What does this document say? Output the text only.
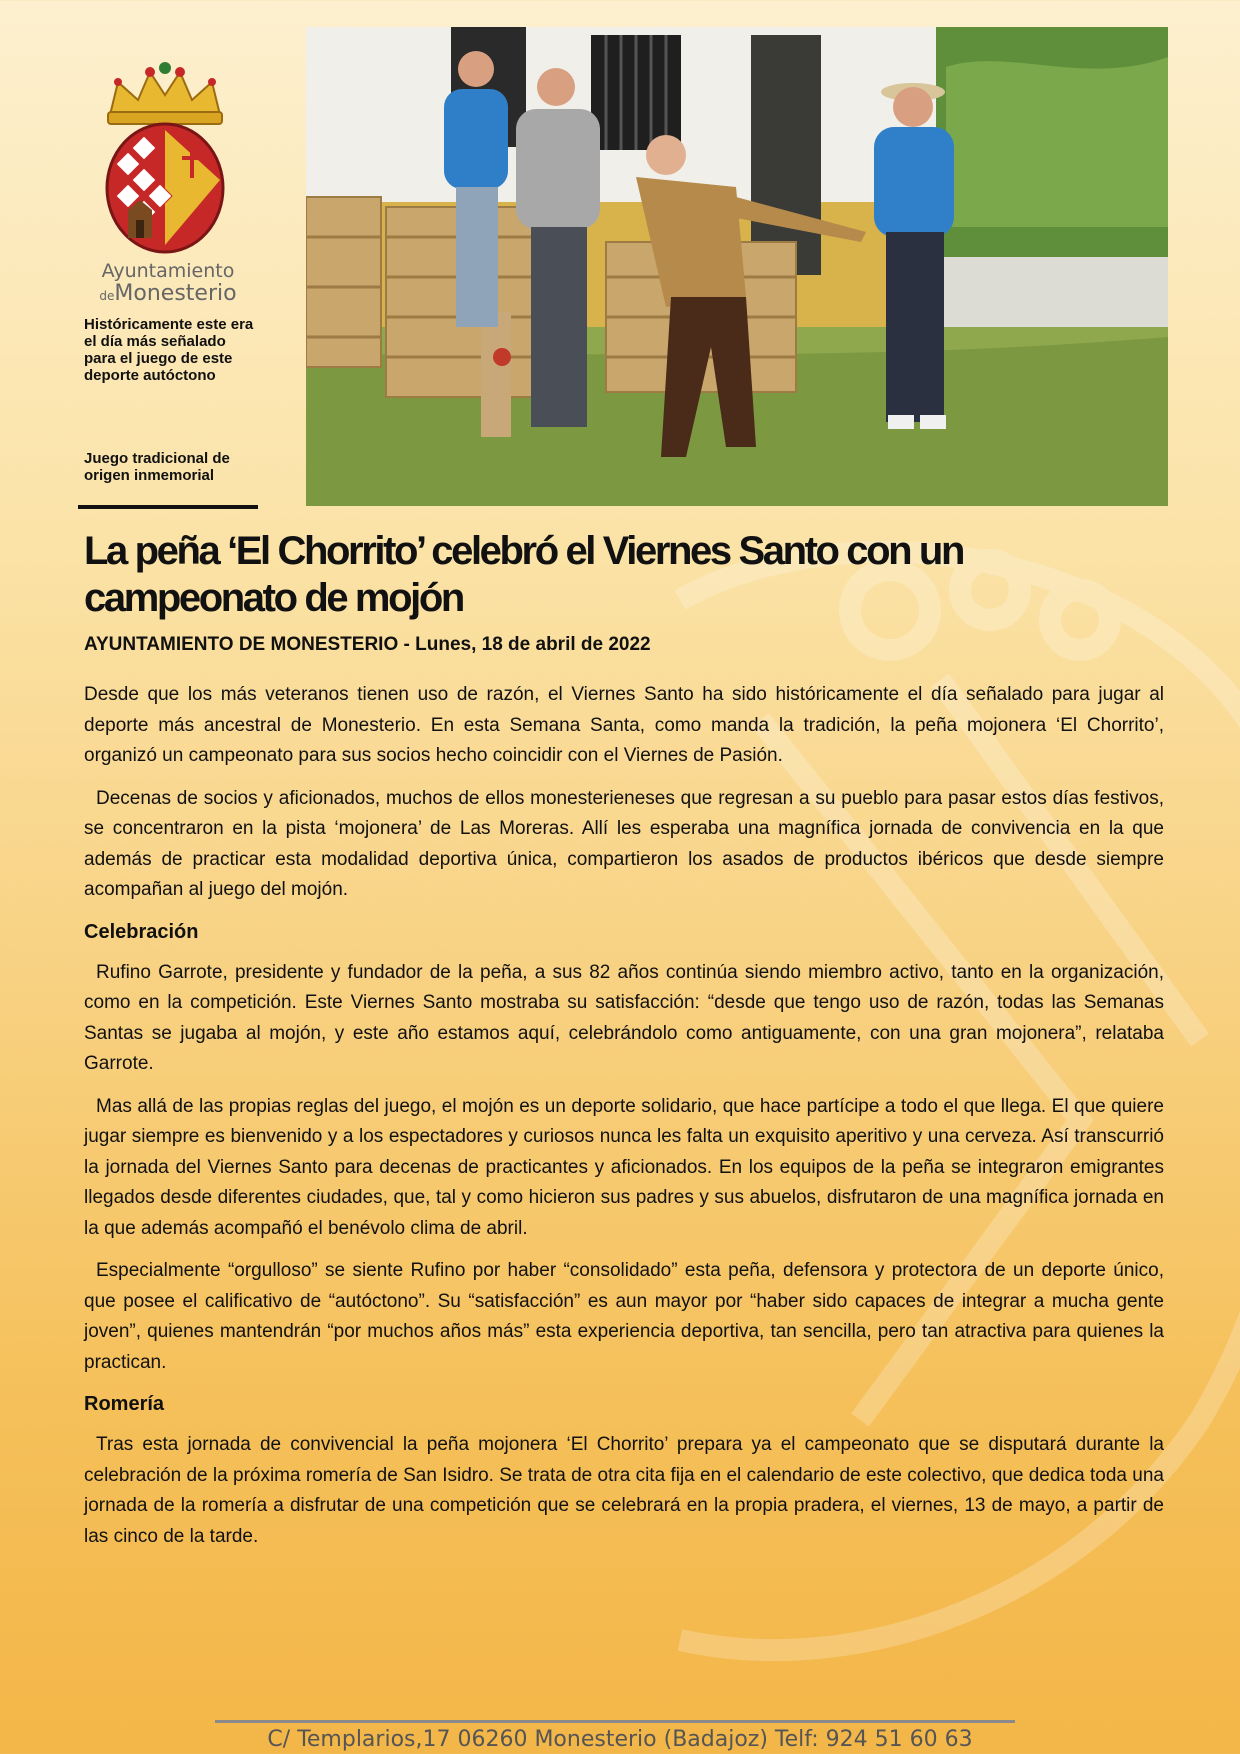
Ayuntamiento
deMonesterio
Históricamente este era el día más señalado para el juego de este deporte autóctono
Juego tradicional de origen inmemorial
La peña ‘El Chorrito’ celebró el Viernes Santo con un campeonato de mojón
AYUNTAMIENTO DE MONESTERIO - Lunes, 18 de abril de 2022

Desde que los más veteranos tienen uso de razón, el Viernes Santo ha sido históricamente el día señalado para jugar al deporte más ancestral de Monesterio. En esta Semana Santa, como manda la tradición, la peña mojonera ‘El Chorrito’, organizó un campeonato para sus socios hecho coincidir con el Viernes de Pasión.

Decenas de socios y aficionados, muchos de ellos monesterieneses que regresan a su pueblo para pasar estos días festivos, se concentraron en la pista ‘mojonera’ de Las Moreras. Allí les esperaba una magnífica jornada de convivencia en la que además de practicar esta modalidad deportiva única, compartieron los asados de productos ibéricos que desde siempre acompañan al juego del mojón.

Celebración

Rufino Garrote, presidente y fundador de la peña, a sus 82 años continúa siendo miembro activo, tanto en la organización, como en la competición. Este Viernes Santo mostraba su satisfacción: “desde que tengo uso de razón, todas las Semanas Santas se jugaba al mojón, y este año estamos aquí, celebrándolo como antiguamente, con una gran mojonera”, relataba Garrote.

Mas allá de las propias reglas del juego, el mojón es un deporte solidario, que hace partícipe a todo el que llega. El que quiere jugar siempre es bienvenido y a los espectadores y curiosos nunca les falta un exquisito aperitivo y una cerveza. Así transcurrió la jornada del Viernes Santo para decenas de practicantes y aficionados. En los equipos de la peña se integraron emigrantes llegados desde diferentes ciudades, que, tal y como hicieron sus padres y sus abuelos, disfrutaron de una magnífica jornada en la que además acompañó el benévolo clima de abril.

Especialmente “orgulloso” se siente Rufino por haber “consolidado” esta peña, defensora y protectora de un deporte único, que posee el calificativo de “autóctono”. Su “satisfacción” es aun mayor por “haber sido capaces de integrar a mucha gente joven”, quienes mantendrán “por muchos años más” esta experiencia deportiva, tan sencilla, pero tan atractiva para quienes la practican.

Romería

Tras esta jornada de convivencial la peña mojonera ‘El Chorrito’ prepara ya el campeonato que se disputará durante la celebración de la próxima romería de San Isidro. Se trata de otra cita fija en el calendario de este colectivo, que dedica toda una jornada de la romería a disfrutar de una competición que se celebrará en la propia pradera, el viernes, 13 de mayo, a partir de las cinco de la tarde.

C/ Templarios,17 06260 Monesterio (Badajoz) Telf: 924 51 60 63
